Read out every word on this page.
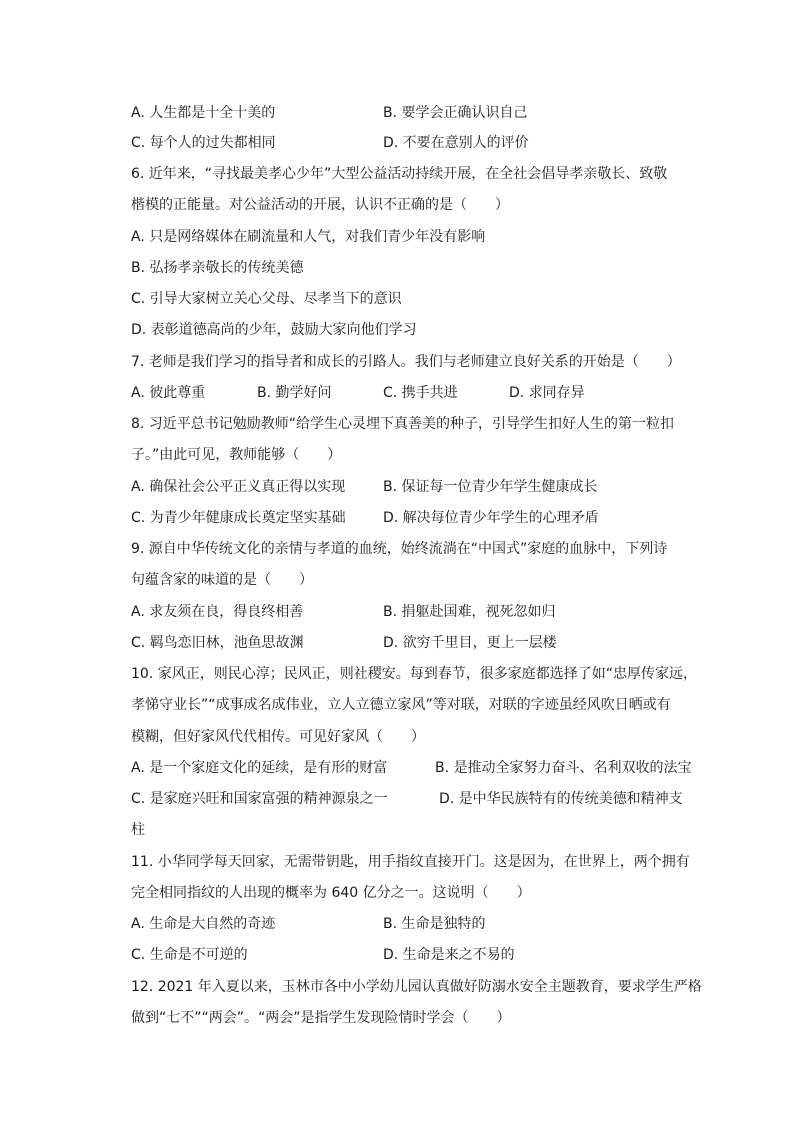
A. 人生都是十全十美的	B. 要学会正确认识自己
C. 每个人的过失都相同	D. 不要在意别人的评价
6. 近年来，“寻找最美孝心少年”大型公益活动持续开展，在全社会倡导孝亲敬长、致敬
楷模的正能量。对公益活动的开展，认识不正确的是（　　）
A. 只是网络媒体在刷流量和人气，对我们青少年没有影响
B. 弘扬孝亲敬长的传统美德
C. 引导大家树立关心父母、尽孝当下的意识
D. 表彰道德高尚的少年，鼓励大家向他们学习
7. 老师是我们学习的指导者和成长的引路人。我们与老师建立良好关系的开始是（　　）
A. 彼此尊重	B. 勤学好问	C. 携手共进	D. 求同存异
8. 习近平总书记勉励教师“给学生心灵埋下真善美的种子，引导学生扣好人生的第一粒扣
子。”由此可见，教师能够（　　）
A. 确保社会公平正义真正得以实现	B. 保证每一位青少年学生健康成长
C. 为青少年健康成长奠定坚实基础	D. 解决每位青少年学生的心理矛盾
9. 源自中华传统文化的亲情与孝道的血统，始终流淌在“中国式”家庭的血脉中，下列诗
句蕴含家的味道的是（　　）
A. 求友须在良，得良终相善	B. 捐躯赴国难，视死忽如归
C. 羁鸟恋旧林，池鱼思故渊	D. 欲穷千里目，更上一层楼
10. 家风正，则民心淳；民风正，则社稷安。每到春节，很多家庭都选择了如“忠厚传家远，
孝悌守业长”“成事成名成伟业，立人立德立家风”等对联，对联的字迹虽经风吹日晒或有
模糊，但好家风代代相传。可见好家风（　　）
A. 是一个家庭文化的延续，是有形的财富	B. 是推动全家努力奋斗、名利双收的法宝
C. 是家庭兴旺和国家富强的精神源泉之一	D. 是中华民族特有的传统美德和精神支
柱
11. 小华同学每天回家，无需带钥匙，用手指纹直接开门。这是因为，在世界上，两个拥有
完全相同指纹的人出现的概率为 640 亿分之一。这说明（　　）
A. 生命是大自然的奇迹	B. 生命是独特的
C. 生命是不可逆的	D. 生命是来之不易的
12. 2021 年入夏以来，玉林市各中小学幼儿园认真做好防溺水安全主题教育，要求学生严格
做到“七不”“两会”。“两会”是指学生发现险情时学会（　　）
